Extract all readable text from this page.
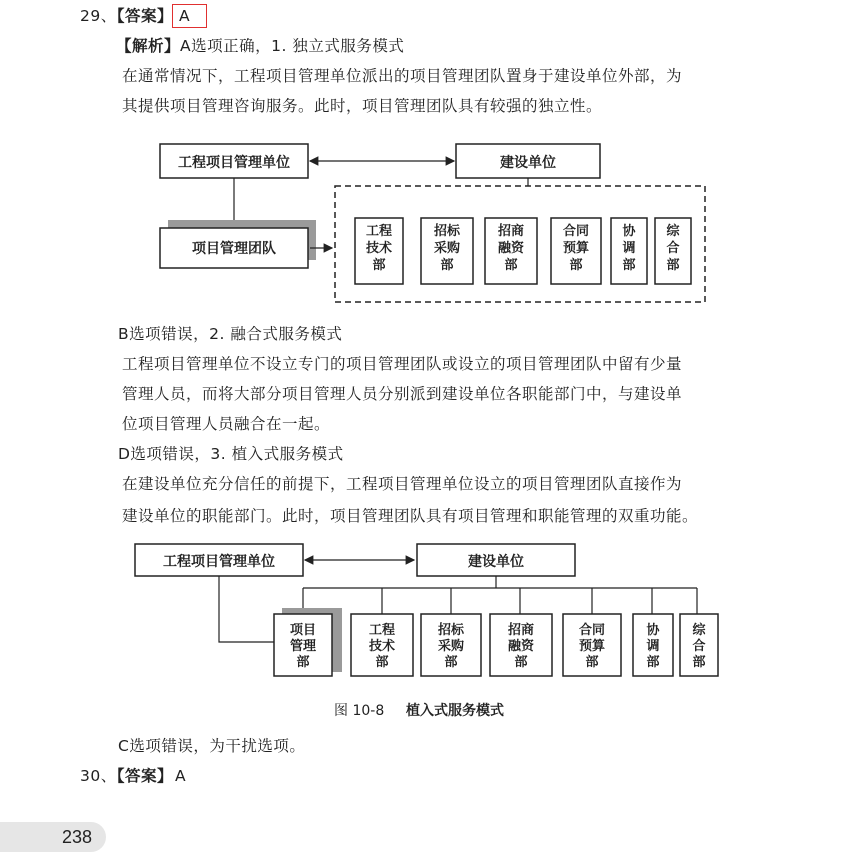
29、【答案】 A
【解析】A选项正确，1. 独立式服务模式
在通常情况下，工程项目管理单位派出的项目管理团队置身于建设单位外部，为
其提供项目管理咨询服务。此时，项目管理团队具有较强的独立性。
工程项目管理单位	建设单位
项目管理团队
工程
技术
部
招标
采购
部
招商
融资
部
合同
预算
部
协
调
部
综
合
部
B选项错误，2. 融合式服务模式
工程项目管理单位不设立专门的项目管理团队或设立的项目管理团队中留有少量
管理人员，而将大部分项目管理人员分别派到建设单位各职能部门中，与建设单
位项目管理人员融合在一起。
D选项错误，3. 植入式服务模式
在建设单位充分信任的前提下，工程项目管理单位设立的项目管理团队直接作为
建设单位的职能部门。此时，项目管理团队具有项目管理和职能管理的双重功能。
工程项目管理单位	建设单位
项目
管理
部
工程
技术
部
招标
采购
部
招商
融资
部
合同
预算
部
协
调
部
综
合
部
图 10-8 植入式服务模式
C选项错误，为干扰选项。
30、【答案】 A
238
